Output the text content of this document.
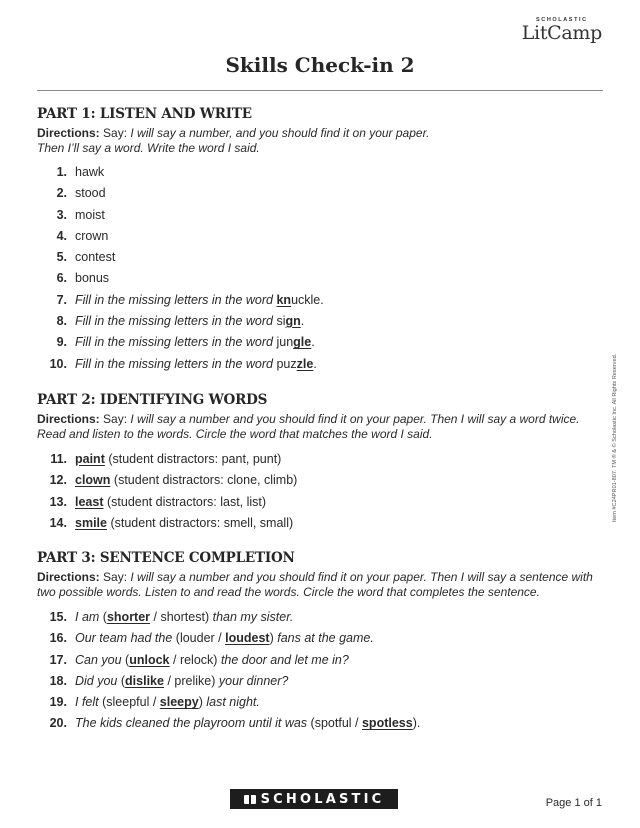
SCHOLASTIC
LitCamp
Skills Check-in 2
PART 1: LISTEN AND WRITE
Directions: Say: I will say a number, and you should find it on your paper.
Then I’ll say a word. Write the word I said.
1. hawk
2. stood
3. moist
4. crown
5. contest
6. bonus
7. Fill in the missing letters in the word knuckle.
8. Fill in the missing letters in the word sign.
9. Fill in the missing letters in the word jungle.
10. Fill in the missing letters in the word puzzle.
PART 2: IDENTIFYING WORDS
Directions: Say: I will say a number and you should find it on your paper. Then I will say a word twice.
Read and listen to the words. Circle the word that matches the word I said.
11. paint (student distractors: pant, punt)
12. clown (student distractors: clone, climb)
13. least (student distractors: last, list)
14. smile (student distractors: smell, small)
PART 3: SENTENCE COMPLETION
Directions: Say: I will say a number and you should find it on your paper. Then I will say a sentence with
two possible words. Listen to and read the words. Circle the word that completes the sentence.
15. I am (shorter / shortest) than my sister.
16. Our team had the (louder / loudest) fans at the game.
17. Can you (unlock / relock) the door and let me in?
18. Did you (dislike / prelike) your dinner?
19. I felt (sleepful / sleepy) last night.
20. The kids cleaned the playroom until it was (spotful / spotless).
Item #C24PR01-807. TM ® & © Scholastic Inc. All Rights Reserved.
SCHOLASTIC	Page 1 of 1
